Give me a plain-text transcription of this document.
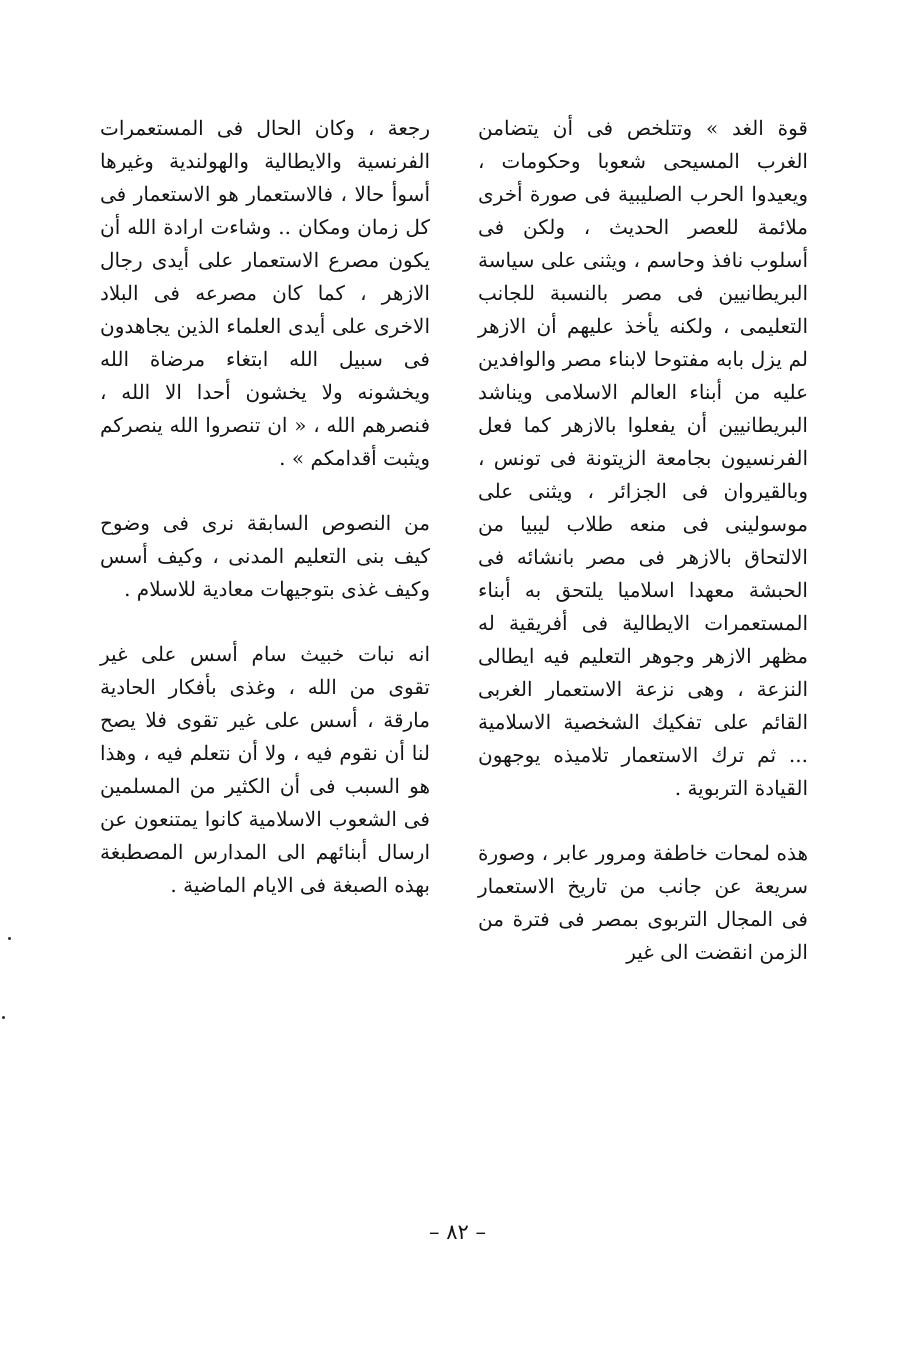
قوة الغد » وتتلخص فى أن يتضامن الغرب المسيحى شعوبا وحكومات ، ويعيدوا الحرب الصليبية فى صورة أخرى ملائمة للعصر الحديث ، ولكن فى أسلوب نافذ وحاسم ، ويثنى على سياسة البريطانيين فى مصر بالنسبة للجانب التعليمى ، ولكنه يأخذ عليهم أن الازهر لم يزل بابه مفتوحا لابناء مصر والوافدين عليه من أبناء العالم الاسلامى ويناشد البريطانيين أن يفعلوا بالازهر كما فعل الفرنسيون بجامعة الزيتونة فى تونس ، وبالقيروان فى الجزائر ، ويثنى على موسولينى فى منعه طلاب ليبيا من الالتحاق بالازهر فى مصر بانشائه فى الحبشة معهدا اسلاميا يلتحق به أبناء المستعمرات الايطالية فى أفريقية له مظهر الازهر وجوهر التعليم فيه ايطالى النزعة ، وهى نزعة الاستعمار الغربى القائم على تفكيك الشخصية الاسلامية ... ثم ترك الاستعمار تلاميذه يوجهون القيادة التربوية .

هذه لمحات خاطفة ومرور عابر ، وصورة سريعة عن جانب من تاريخ الاستعمار فى المجال التربوى بمصر فى فترة من الزمن انقضت الى غير

رجعة ، وكان الحال فى المستعمرات الفرنسية والايطالية والهولندية وغيرها أسوأ حالا ، فالاستعمار هو الاستعمار فى كل زمان ومكان .. وشاءت ارادة الله أن يكون مصرع الاستعمار على أيدى رجال الازهر ، كما كان مصرعه فى البلاد الاخرى على أيدى العلماء الذين يجاهدون فى سبيل الله ابتغاء مرضاة الله ويخشونه ولا يخشون أحدا الا الله ، فنصرهم الله ، « ان تنصروا الله ينصركم ويثبت أقدامكم » .

من النصوص السابقة نرى فى وضوح كيف بنى التعليم المدنى ، وكيف أسس وكيف غذى بتوجيهات معادية للاسلام .

انه نبات خبيث سام أسس على غير تقوى من الله ، وغذى بأفكار الحادية مارقة ، أسس على غير تقوى فلا يصح لنا أن نقوم فيه ، ولا أن نتعلم فيه ، وهذا هو السبب فى أن الكثير من المسلمين فى الشعوب الاسلامية كانوا يمتنعون عن ارسال أبنائهم الى المدارس المصطبغة بهذه الصبغة فى الايام الماضية .

– ٨٢ –
